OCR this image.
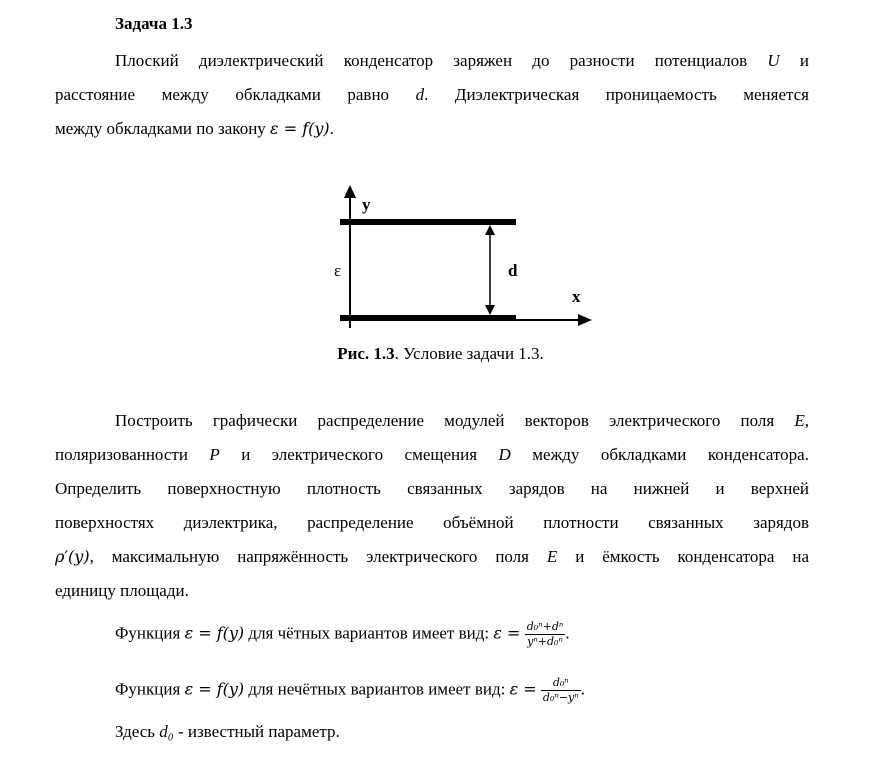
Задача 1.3
Плоский диэлектрический конденсатор заряжен до разности потенциалов U и
расстояние между обкладками равно d. Диэлектрическая проницаемость меняется
между обкладками по закону ε = f(y).
y
x
ε	d
Рис. 1.3. Условие задачи 1.3.
Построить графически распределение модулей векторов электрического поля E,
поляризованности P и электрического смещения D между обкладками конденсатора.
Определить поверхностную плотность связанных зарядов на нижней и верхней
поверхностях диэлектрика, распределение объёмной плотности связанных зарядов
ρ′(y), максимальную напряжённость электрического поля E и ёмкость конденсатора на
единицу площади.
Функция ε = f(y) для чётных вариантов имеет вид: $\varepsilon = \frac{\text{d₀ⁿ+dⁿ}}{\text{yⁿ+d₀ⁿ}}$ .
Функция ε = f(y) для нечётных вариантов имеет вид: $\varepsilon = \frac{\text{d₀ⁿ}}{\text{d₀ⁿ−yⁿ}}$ .
Здесь d₀ - известный параметр.
